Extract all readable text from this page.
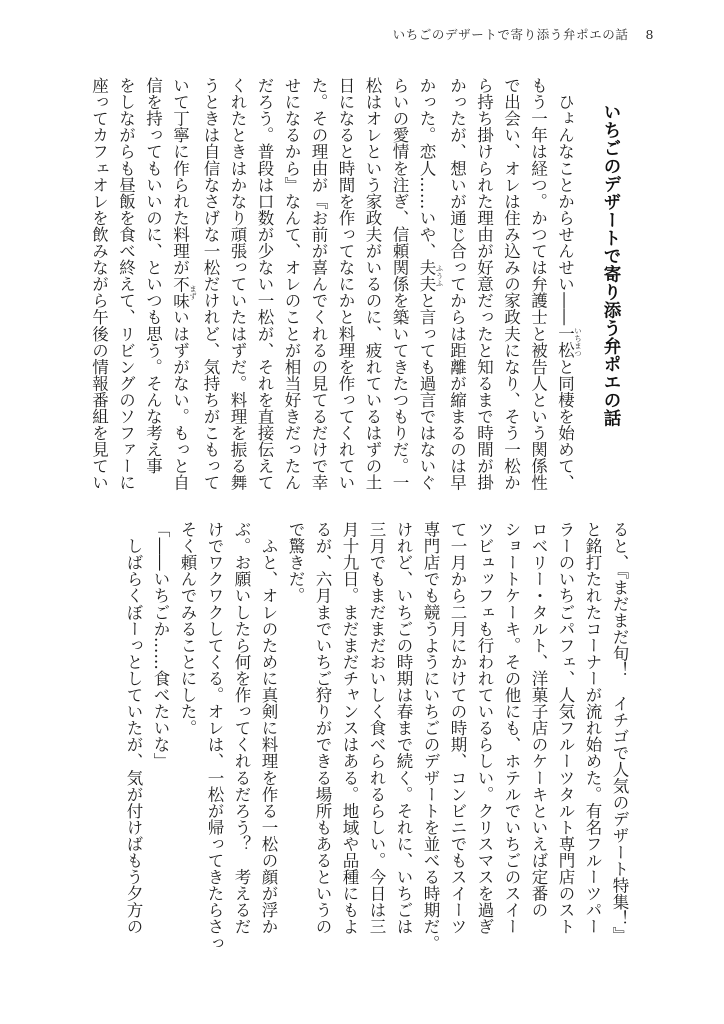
いちごのデザートで寄り添う弁ポエの話 8
いちごのデザートで寄り添う弁ポエの話

　ひょんなことからせんせい――一松 いちまつと同棲を始めて、

もう一年は経つ。かつては弁護士と被告人という関係性

で出会い、オレは住み込みの家政夫になり、そう一松か

ら持ち掛けられた理由が好意だったと知るまで時間が掛

かったが、想いが通じ合ってからは距離が縮まるのは早

かった。恋人……いや、夫夫 ふうふと言っても過言ではないぐ

らいの愛情を注ぎ、信頼関係を築いてきたつもりだ。一

松はオレという家政夫がいるのに、疲れているはずの土

日になると時間を作ってなにかと料理を作ってくれてい

た。その理由が『お前が喜んでくれるの見てるだけで幸

せになるから』なんて、オレのことが相当好きだったん

だろう。普段は口数が少ない一松が、それを直接伝えて

くれたときはかなり頑張っていたはずだ。料理を振る舞

うときは自信なさげな一松だけれど、気持ちがこもって

いて丁寧に作られた料理が不味 まずいはずがない。もっと自

信を持ってもいいのに、といつも思う。そんな考え事

をしながらも昼飯を食べ終えて、リビングのソファーに

座ってカフェオレを飲みながら午後の情報番組を見てい

ると、『まだまだ旬！　イチゴで人気のデザート特集！』

と銘打たれたコーナーが流れ始めた。有名フルーツパー

ラーのいちごパフェ、人気フルーツタルト専門店のスト

ロベリー・タルト、洋菓子店のケーキといえば定番の

ショートケーキ。その他にも、ホテルでいちごのスイー

ツビュッフェも行われているらしい。クリスマスを過ぎ

て一月から二月にかけての時期、コンビニでもスイーツ

専門店でも競うようにいちごのデザートを並べる時期だ。

けれど、いちごの時期は春まで続く。それに、いちごは

三月でもまだまだおいしく食べられるらしい。今日は三

月十九日。まだまだチャンスはある。地域や品種にもよ

るが、六月までいちご狩りができる場所もあるというの

で驚きだ。

　ふと、オレのために真剣に料理を作る一松の顔が浮か

ぶ。お願いしたら何を作ってくれるだろう？　考えるだ

けでワクワクしてくる。オレは、一松が帰ってきたらさっ

そく頼んでみることにした。

「――いちごか……食べたいな」

　しばらくぼーっとしていたが、気が付けばもう夕方の
